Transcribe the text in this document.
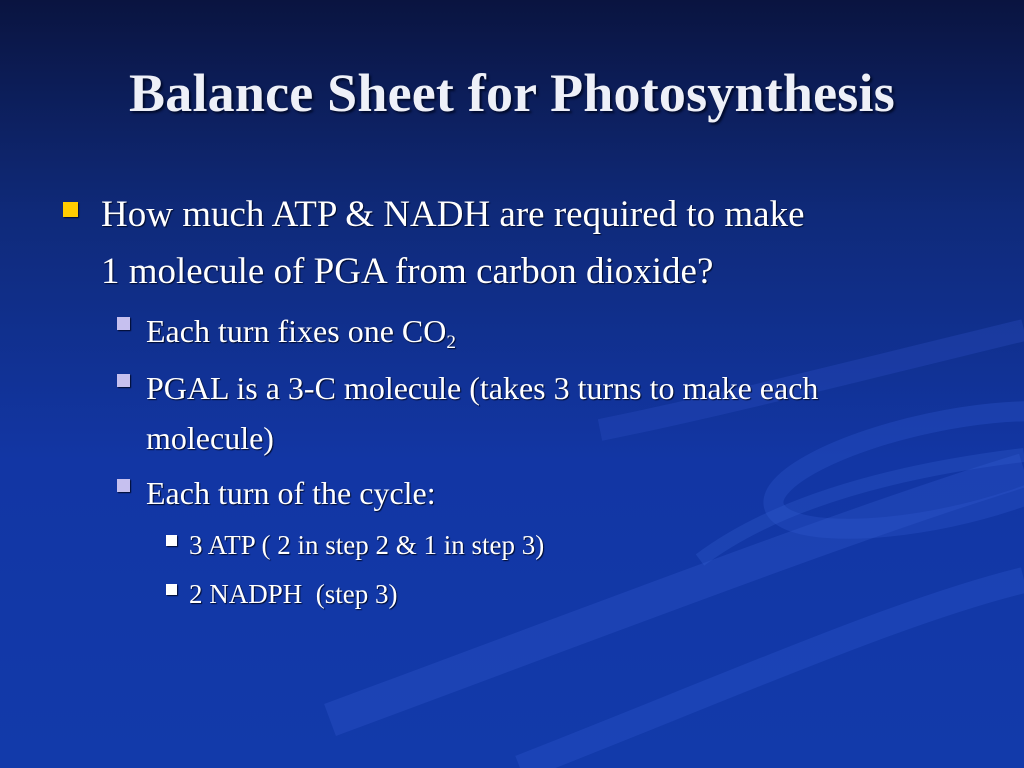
Balance Sheet for Photosynthesis
How much ATP & NADH are required to make
1 molecule of PGA from carbon dioxide?
Each turn fixes one $CO_2$
PGAL is a 3-C molecule (takes 3 turns to make each
molecule)
Each turn of the cycle:
3 ATP ( 2 in step 2 & 1 in step 3)
2 NADPH  (step 3)
